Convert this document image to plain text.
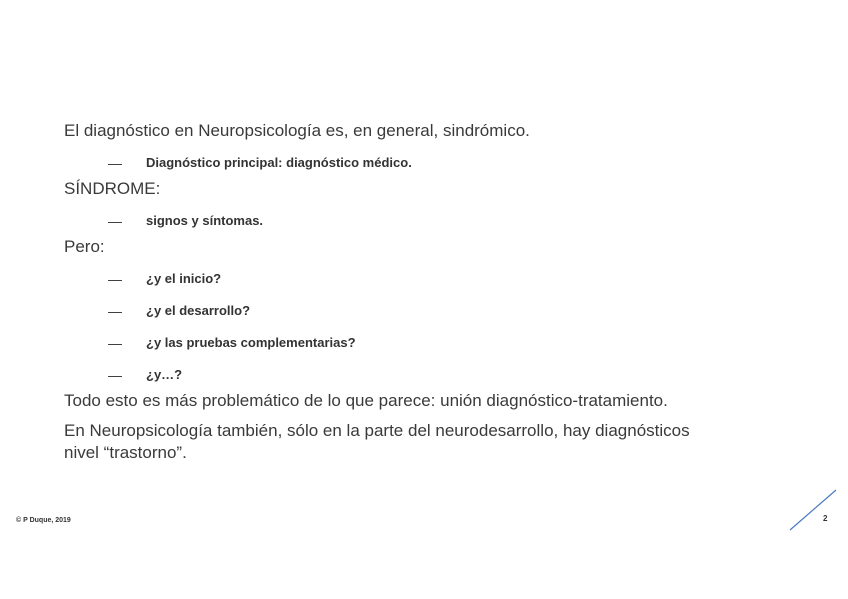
El diagnóstico en Neuropsicología es, en general, sindrómico.
— Diagnóstico principal: diagnóstico médico.
SÍNDROME:
— signos y síntomas.
Pero:
— ¿y el inicio?
— ¿y el desarrollo?
— ¿y las pruebas complementarias?
— ¿y…?
Todo esto es más problemático de lo que parece: unión diagnóstico-tratamiento.
En Neuropsicología también, sólo en la parte del neurodesarrollo, hay diagnósticos
nivel “trastorno”.
© P Duque, 2019	2
